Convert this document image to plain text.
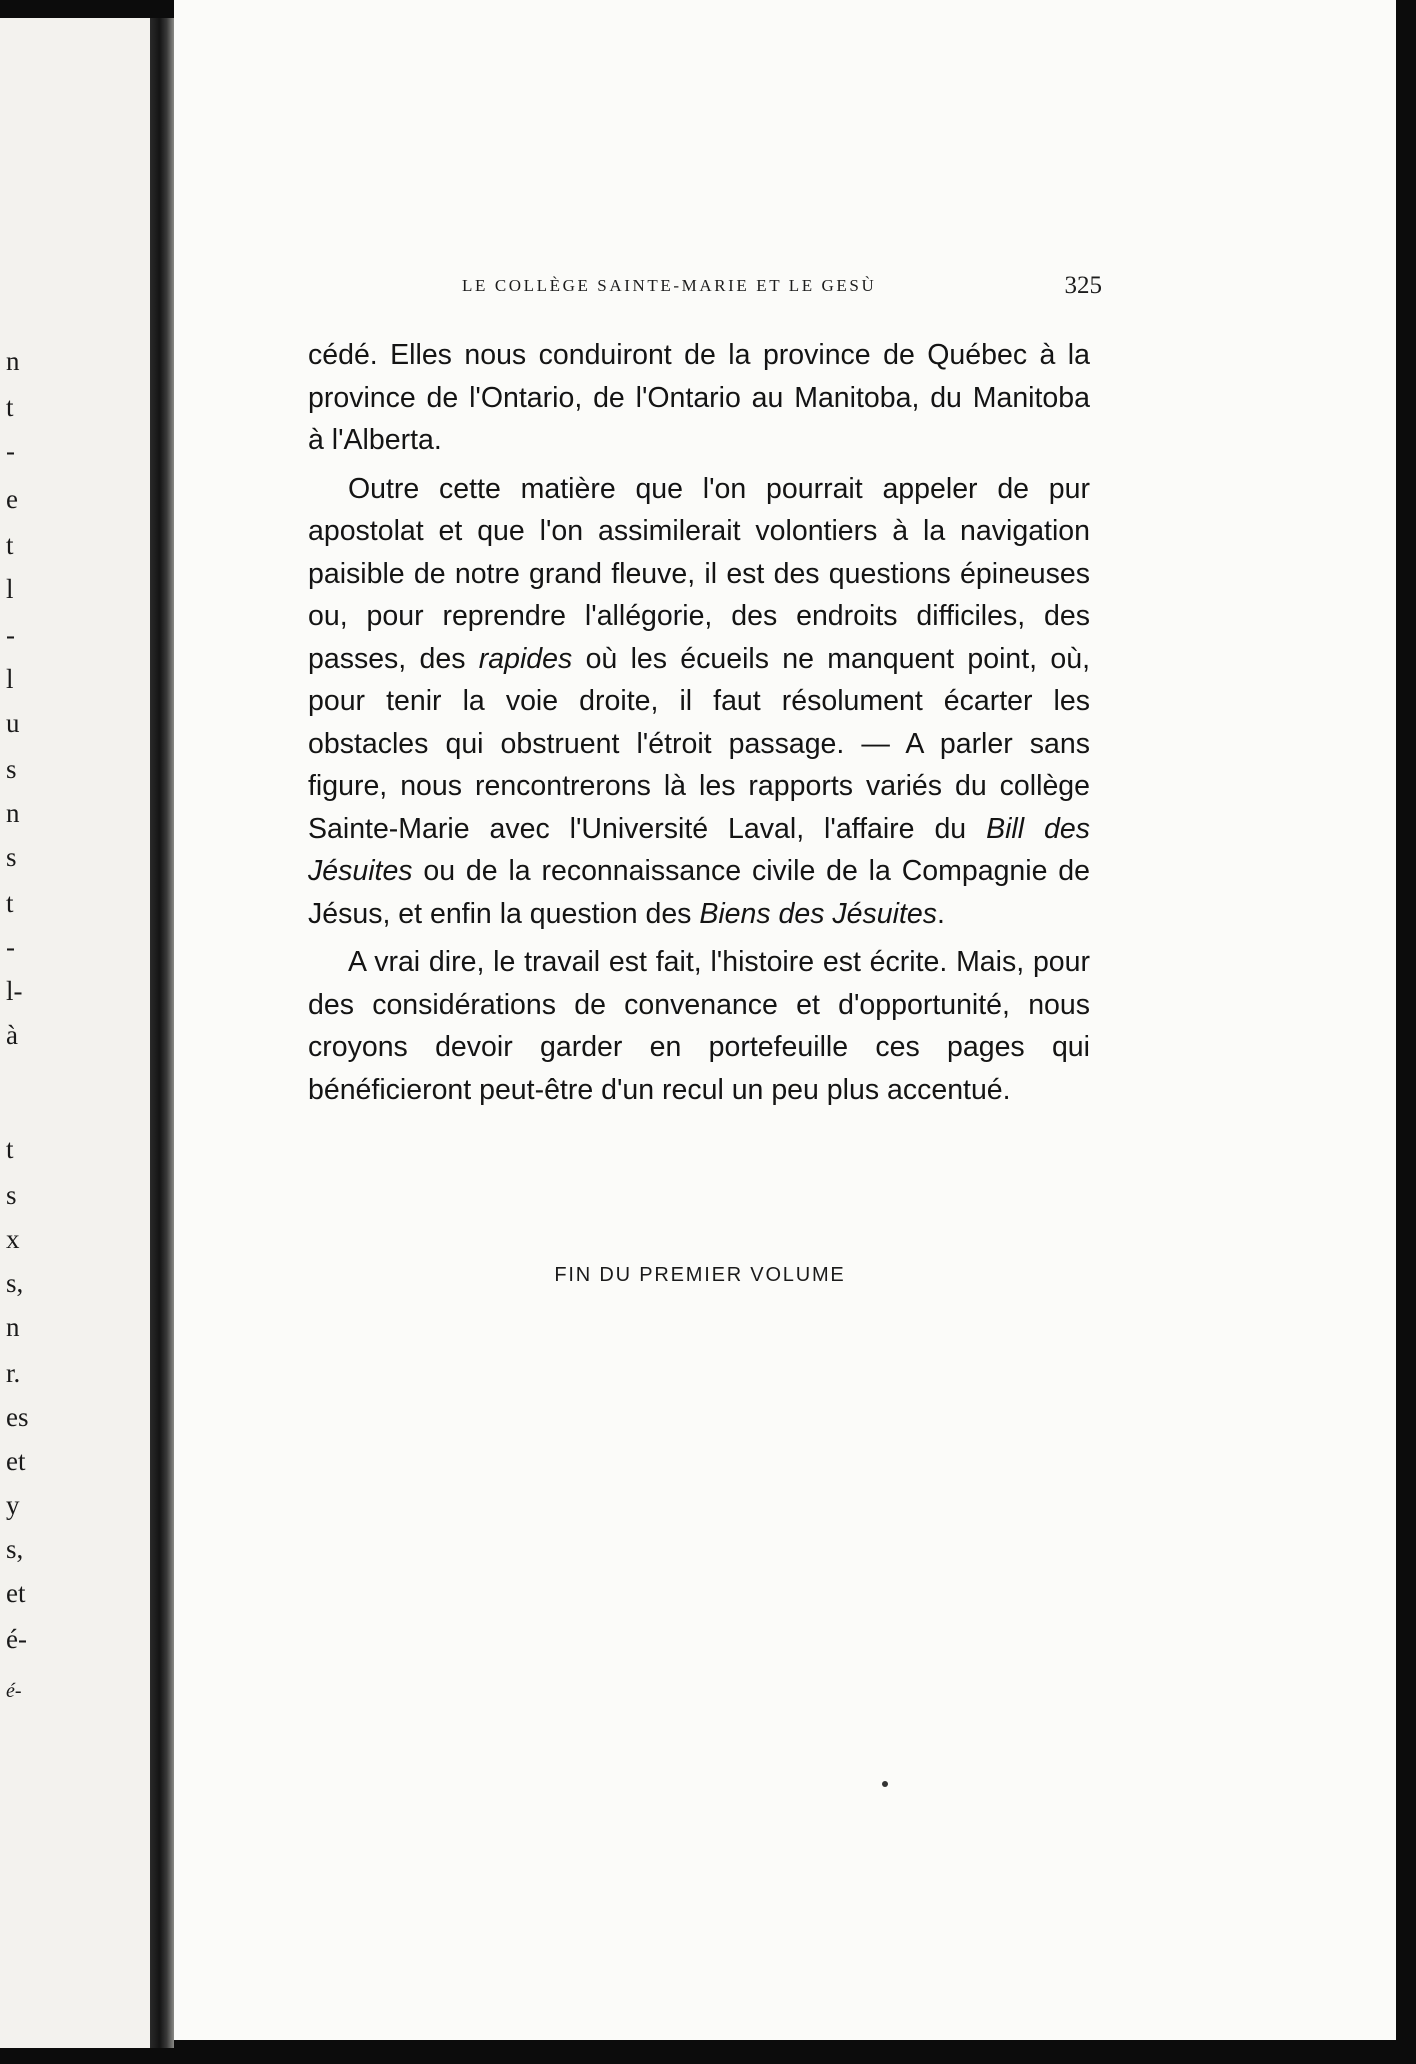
n
t
-
e
t
l
-
l
u
s
n
s
t
-
l-
à
t
s
x
s,
n
r.
es
et
y
s,
et
é-
é-
LE COLLÈGE SAINTE-MARIE ET LE GESÙ	325

cédé. Elles nous conduiront de la province de Québec à la province de l'Ontario, de l'Ontario au Manitoba, du Manitoba à l'Alberta.

Outre cette matière que l'on pourrait appeler de pur apostolat et que l'on assimilerait volontiers à la navigation paisible de notre grand fleuve, il est des questions épineuses ou, pour reprendre l'allégorie, des endroits difficiles, des passes, des rapides où les écueils ne manquent point, où, pour tenir la voie droite, il faut résolument écarter les obstacles qui obstruent l'étroit passage. — A parler sans figure, nous rencontrerons là les rapports variés du collège Sainte-Marie avec l'Université Laval, l'affaire du Bill des Jésuites ou de la reconnaissance civile de la Compagnie de Jésus, et enfin la question des Biens des Jésuites.

A vrai dire, le travail est fait, l'histoire est écrite. Mais, pour des considérations de convenance et d'opportunité, nous croyons devoir garder en portefeuille ces pages qui bénéficieront peut-être d'un recul un peu plus accentué.

FIN DU PREMIER VOLUME
